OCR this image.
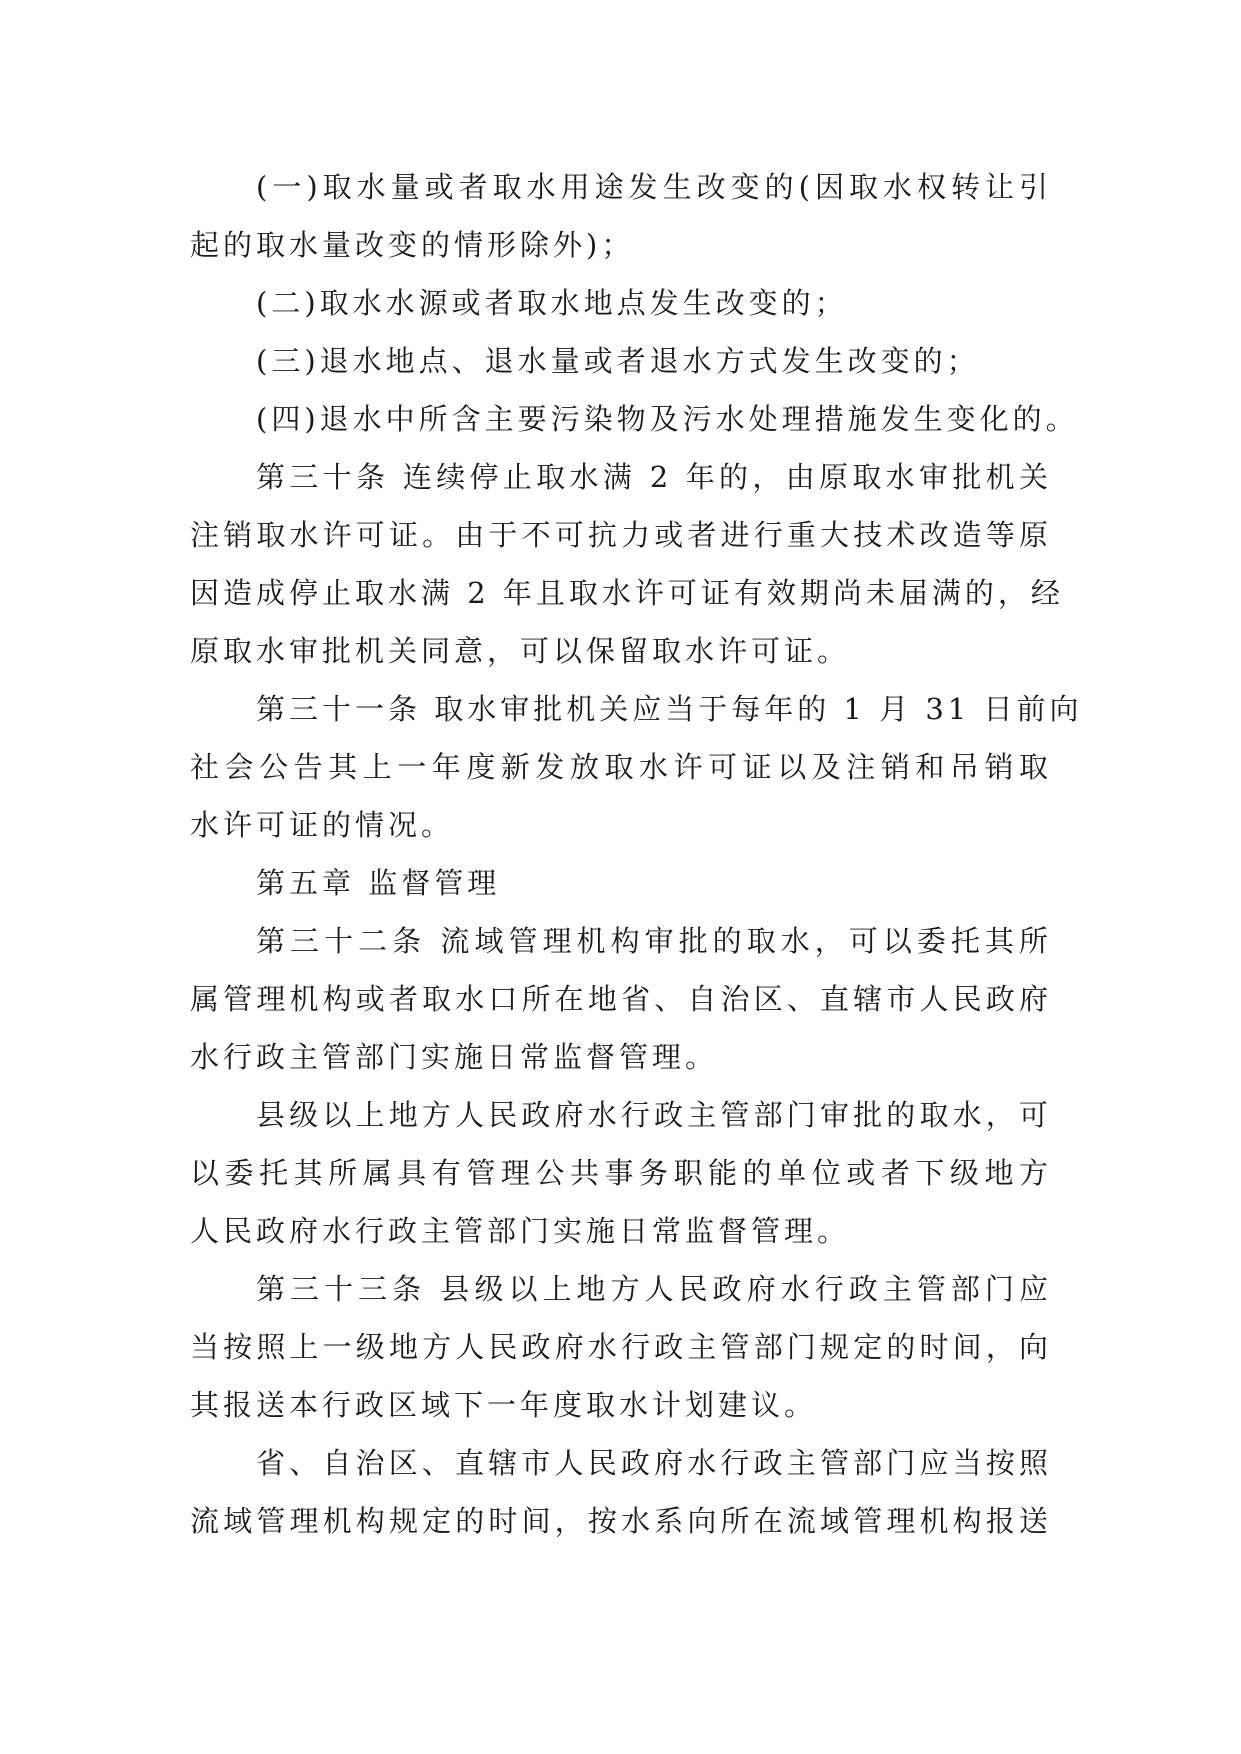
(一)取水量或者取水用途发生改变的(因取水权转让引
起的取水量改变的情形除外)；
(二)取水水源或者取水地点发生改变的；
(三)退水地点、退水量或者退水方式发生改变的；
(四)退水中所含主要污染物及污水处理措施发生变化的。
第三十条 连续停止取水满 2 年的，由原取水审批机关
注销取水许可证。由于不可抗力或者进行重大技术改造等原
因造成停止取水满 2 年且取水许可证有效期尚未届满的，经
原取水审批机关同意，可以保留取水许可证。
第三十一条 取水审批机关应当于每年的 1 月 31 日前向
社会公告其上一年度新发放取水许可证以及注销和吊销取
水许可证的情况。
第五章 监督管理
第三十二条 流域管理机构审批的取水，可以委托其所
属管理机构或者取水口所在地省、自治区、直辖市人民政府
水行政主管部门实施日常监督管理。
县级以上地方人民政府水行政主管部门审批的取水，可
以委托其所属具有管理公共事务职能的单位或者下级地方
人民政府水行政主管部门实施日常监督管理。
第三十三条 县级以上地方人民政府水行政主管部门应
当按照上一级地方人民政府水行政主管部门规定的时间，向
其报送本行政区域下一年度取水计划建议。
省、自治区、直辖市人民政府水行政主管部门应当按照
流域管理机构规定的时间，按水系向所在流域管理机构报送
